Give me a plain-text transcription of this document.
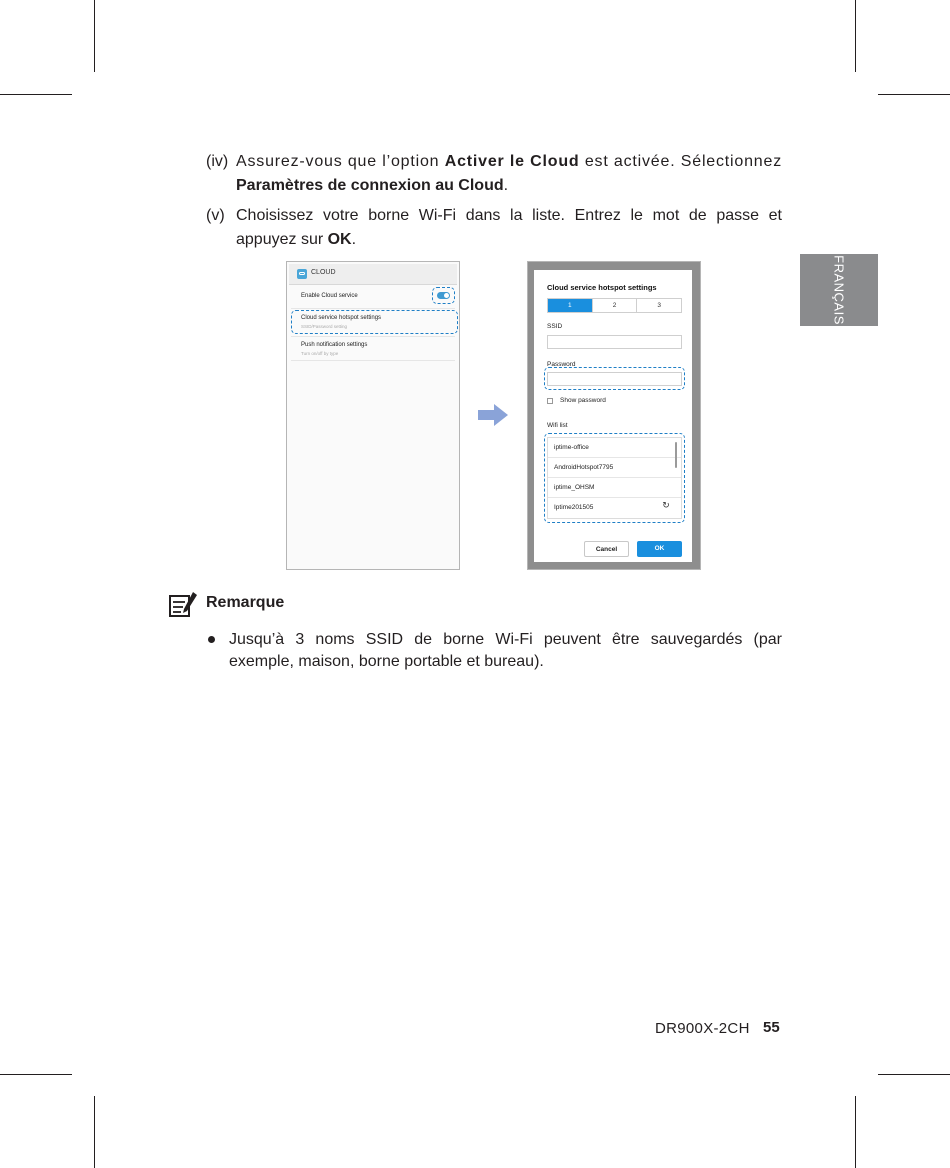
FRANÇAIS
(iv) Assurez-vous que l’option Activer le Cloud est activée. Sélectionnez Paramètres de connexion au Cloud.
(v) Choisissez votre borne Wi-Fi dans la liste. Entrez le mot de passe et appuyez sur OK.
CLOUD
Enable Cloud service
Cloud service hotspot settings
SSID/Password setting
Push notification settings
Turn on/off by type
Cloud service hotspot settings
1	2	3
SSID
Password
Show password
Wifi list
iptime-office
AndroidHotspot7795
iptime_OHSM
Iptime201505	↻
Cancel	OK
Remarque
Jusqu’à 3 noms SSID de borne Wi-Fi peuvent être sauvegardés (par exemple, maison, borne portable et bureau).
DR900X-2CH 55
